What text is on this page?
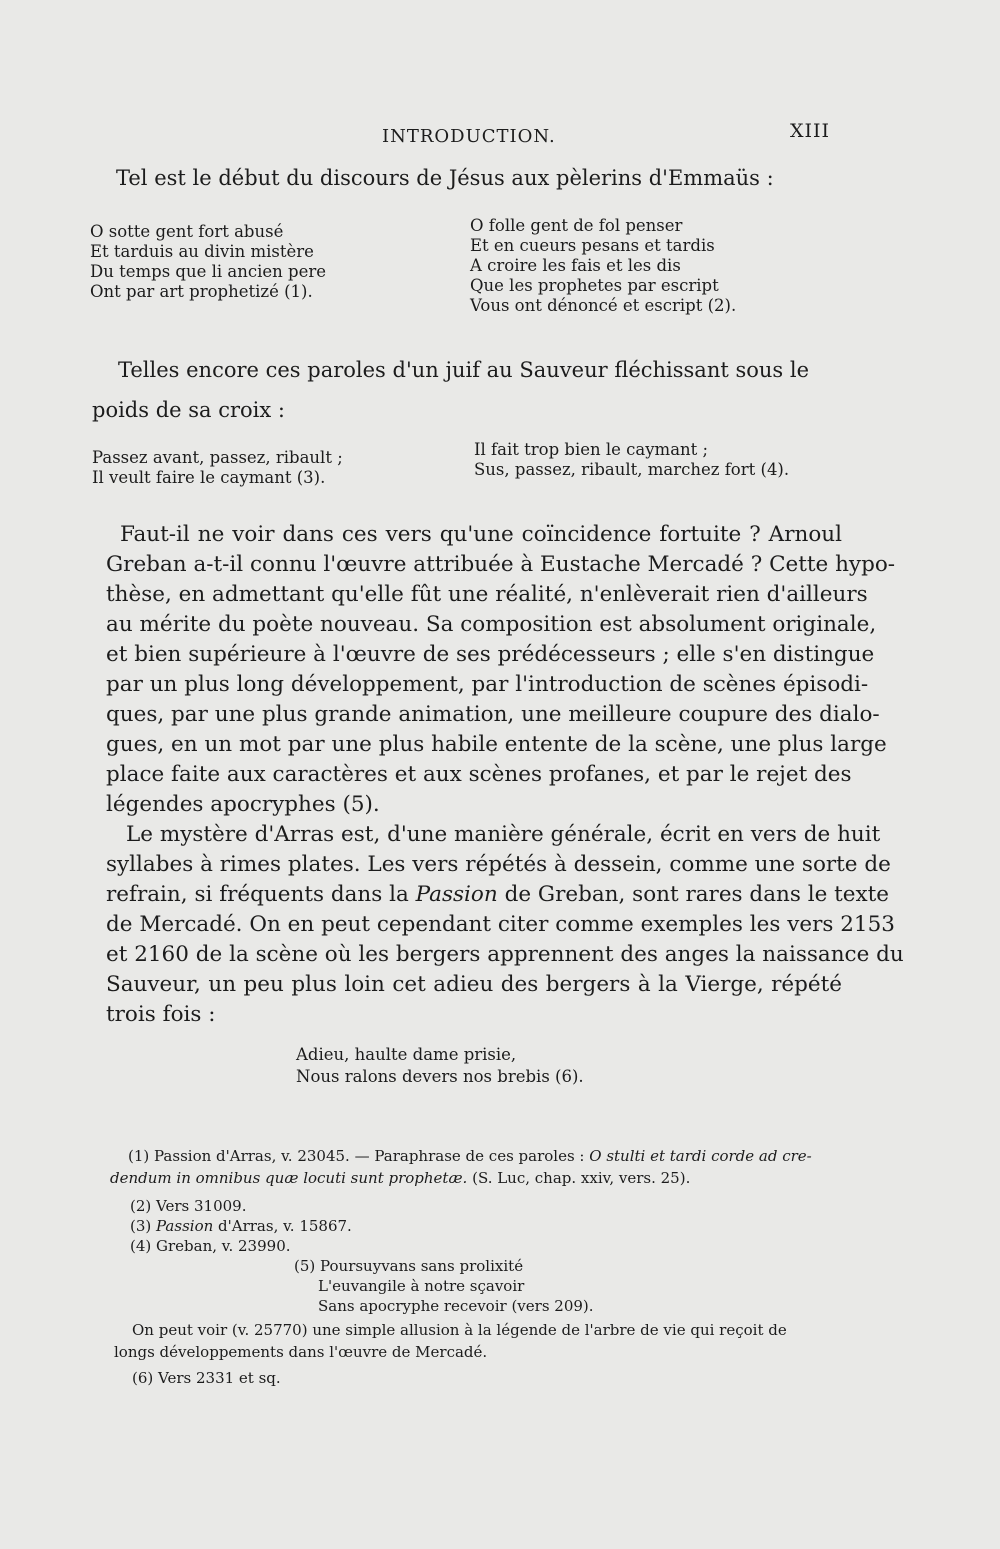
INTRODUCTION.	XIII
Tel est le début du discours de Jésus aux pèlerins d'Emmaüs :
O sotte gent fort abusé
Et tarduis au divin mistère
Du temps que li ancien pere
Ont par art prophetizé (1).
O folle gent de fol penser
Et en cueurs pesans et tardis
A croire les fais et les dis
Que les prophetes par escript
Vous ont dénoncé et escript (2).
Telles encore ces paroles d'un juif au Sauveur fléchissant sous le
poids de sa croix :
Passez avant, passez, ribault ;
Il veult faire le caymant (3).
Il fait trop bien le caymant ;
Sus, passez, ribault, marchez fort (4).
Faut-il ne voir dans ces vers qu'une coïncidence fortuite ? Arnoul
Greban a-t-il connu l'œuvre attribuée à Eustache Mercadé ? Cette hypo-
thèse, en admettant qu'elle fût une réalité, n'enlèverait rien d'ailleurs
au mérite du poète nouveau. Sa composition est absolument originale,
et bien supérieure à l'œuvre de ses prédécesseurs ; elle s'en distingue
par un plus long développement, par l'introduction de scènes épisodi-
ques, par une plus grande animation, une meilleure coupure des dialo-
gues, en un mot par une plus habile entente de la scène, une plus large
place faite aux caractères et aux scènes profanes, et par le rejet des
légendes apocryphes (5).
Le mystère d'Arras est, d'une manière générale, écrit en vers de huit
syllabes à rimes plates. Les vers répétés à dessein, comme une sorte de
refrain, si fréquents dans la Passion de Greban, sont rares dans le texte
de Mercadé. On en peut cependant citer comme exemples les vers 2153
et 2160 de la scène où les bergers apprennent des anges la naissance du
Sauveur, un peu plus loin cet adieu des bergers à la Vierge, répété
trois fois :
Adieu, haulte dame prisie,
Nous ralons devers nos brebis (6).
(1) Passion d'Arras, v. 23045. — Paraphrase de ces paroles : O stulti et tardi corde ad cre-
dendum in omnibus quæ locuti sunt prophetæ. (S. Luc, chap. xxiv, vers. 25).
(2) Vers 31009.
(3) Passion d'Arras, v. 15867.
(4) Greban, v. 23990.
(5) Poursuyvans sans prolixité
L'euvangile à notre sçavoir
Sans apocryphe recevoir (vers 209).
On peut voir (v. 25770) une simple allusion à la légende de l'arbre de vie qui reçoit de
longs développements dans l'œuvre de Mercadé.
(6) Vers 2331 et sq.
